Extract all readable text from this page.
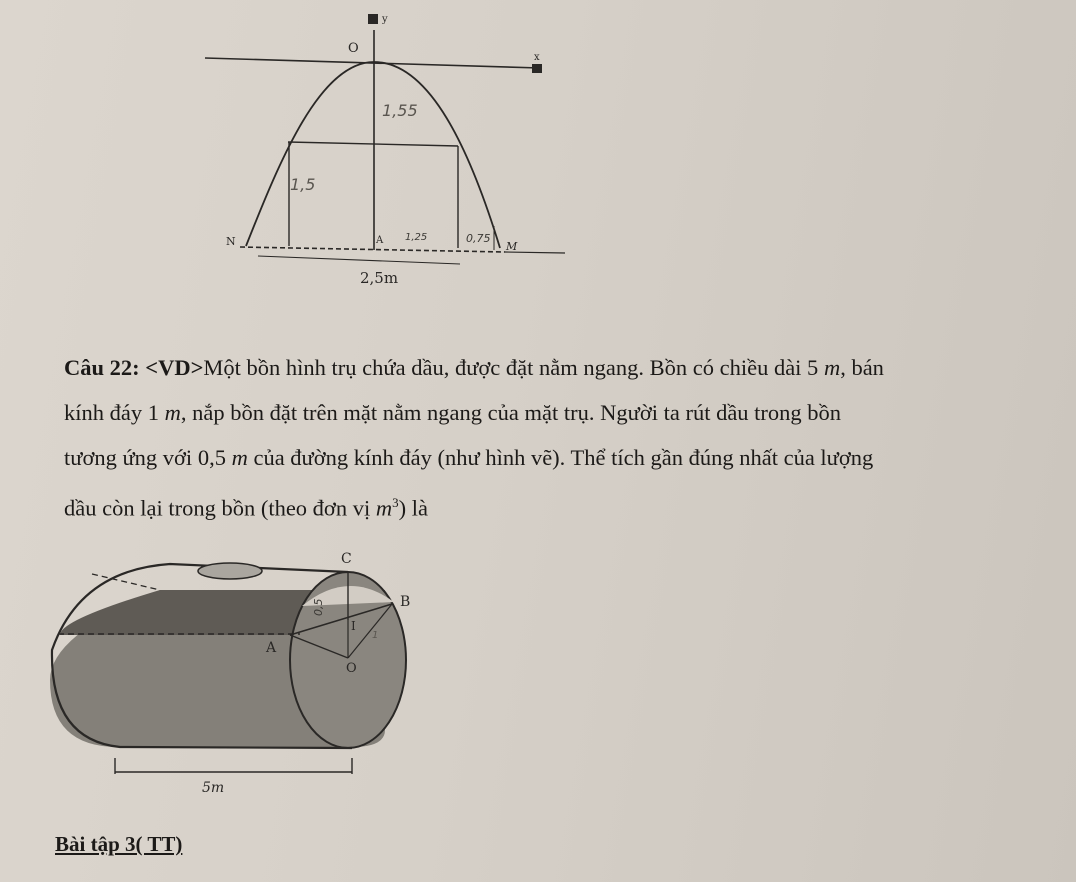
y
x
O
N	A	M
2,5m
1,55
1,5
1,25	0,75
Câu 22: <VD>Một bồn hình trụ chứa dầu, được đặt nằm ngang. Bồn có chiều dài 5 m, bán
kính đáy 1 m, nắp bồn đặt trên mặt nằm ngang của mặt trụ. Người ta rút dầu trong bồn
tương ứng với 0,5 m của đường kính đáy (như hình vẽ). Thể tích gần đúng nhất của lượng
dầu còn lại trong bồn (theo đơn vị $m^3$) là
C
B
I
A
O
0,5
1
5m
Bài tập 3( TT)
